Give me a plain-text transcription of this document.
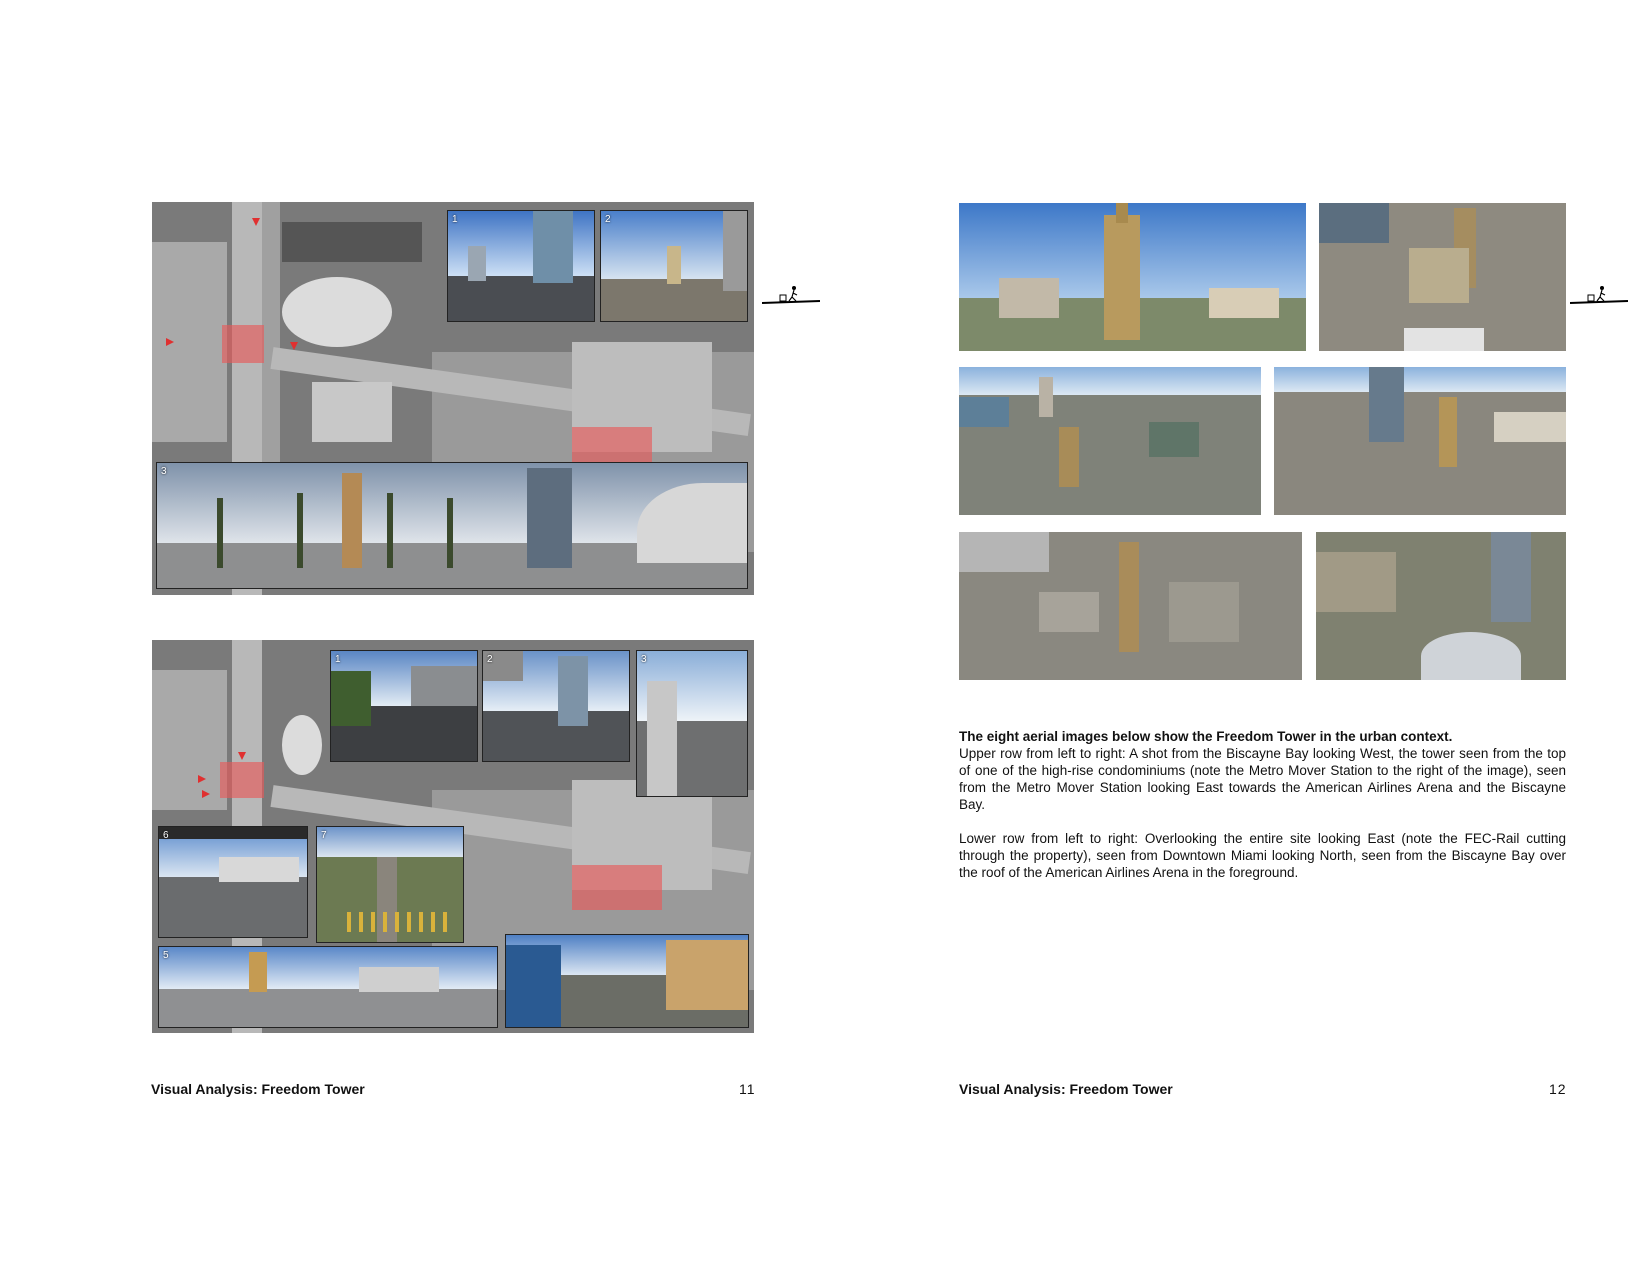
1	2
3
1	2	3
6	7
5
Visual Analysis: Freedom Tower	11
The eight aerial images below show the Freedom Tower in the urban context.

Upper row from left to right: A shot from the Biscayne Bay looking West, the tower seen from the top of one of the high-rise condominiums (note the Metro Mover Station to the right of the image), seen from the Metro Mover Station looking East towards the American Airlines Arena and the Biscayne Bay.

Lower row from left to right: Overlooking the entire site looking East (note the FEC-Rail cutting through the property), seen from Downtown Miami looking North, seen from the Biscayne Bay over the roof of the American Airlines Arena in the foreground.

Visual Analysis: Freedom Tower	12
